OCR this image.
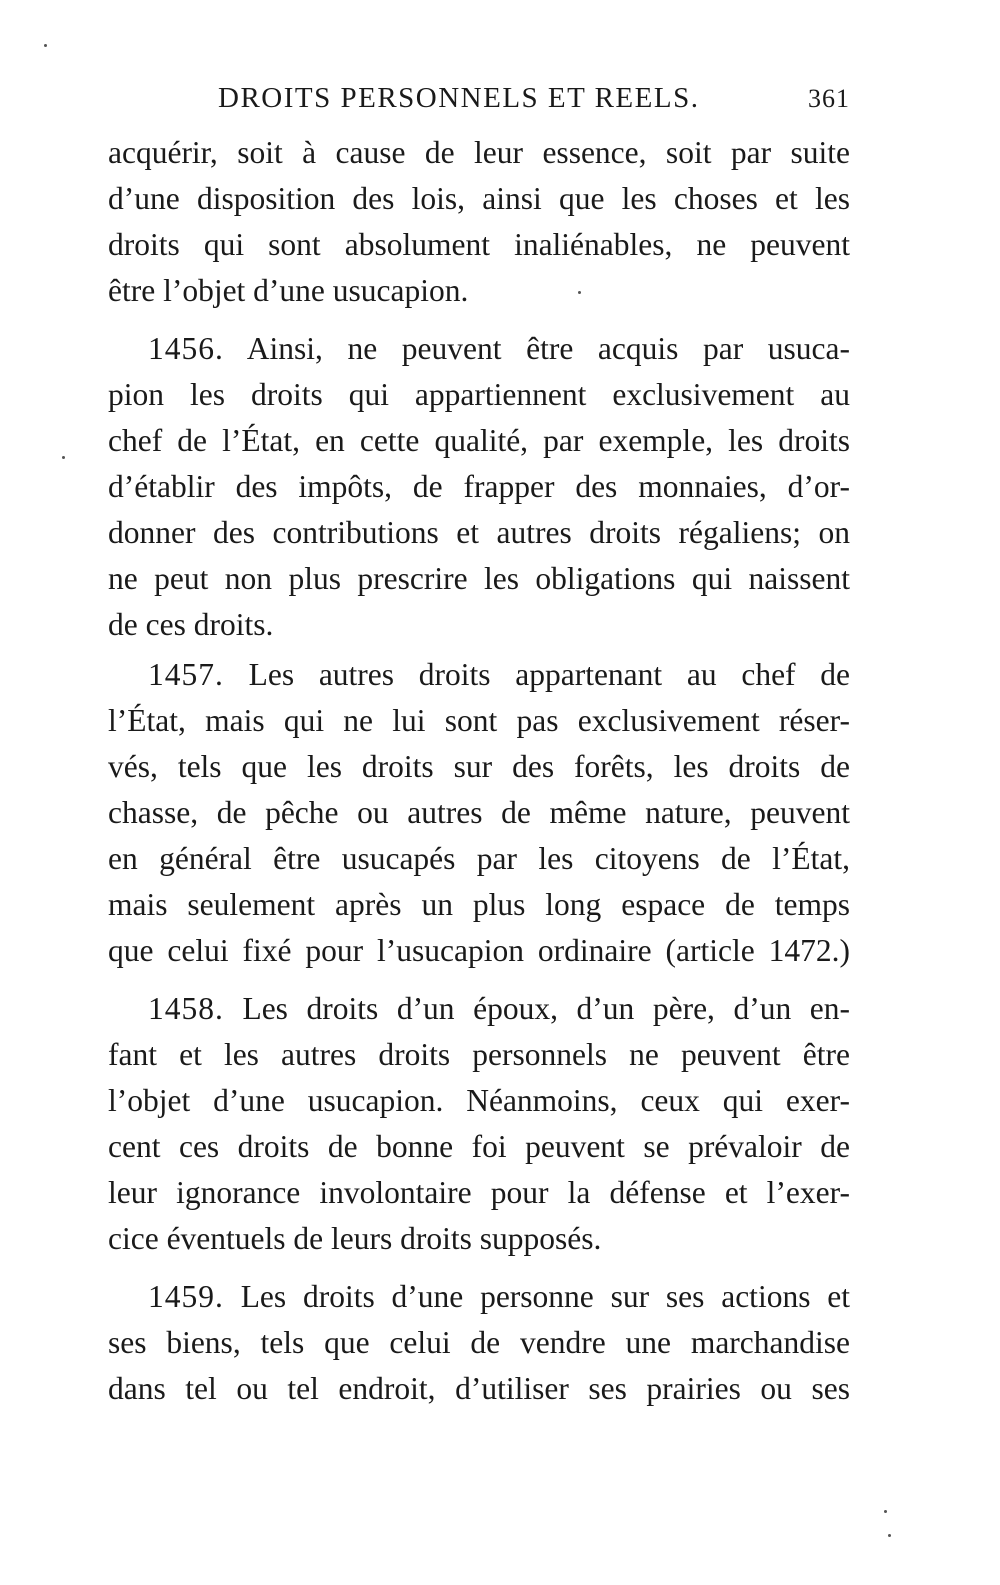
DROITS PERSONNELS ET REELS.	361
acquérir, soit à cause de leur essence, soit par suite
d’une disposition des lois, ainsi que les choses et les
droits qui sont absolument inaliénables, ne peuvent
être l’objet d’une usucapion.
1456. Ainsi, ne peuvent être acquis par usuca-
pion les droits qui appartiennent exclusivement au
chef de l’État, en cette qualité, par exemple, les droits
d’établir des impôts, de frapper des monnaies, d’or-
donner des contributions et autres droits régaliens; on
ne peut non plus prescrire les obligations qui naissent
de ces droits.
1457. Les autres droits appartenant au chef de
l’État, mais qui ne lui sont pas exclusivement réser-
vés, tels que les droits sur des forêts, les droits de
chasse, de pêche ou autres de même nature, peuvent
en général être usucapés par les citoyens de l’État,
mais seulement après un plus long espace de temps
que celui fixé pour l’usucapion ordinaire (article 1472.)
1458. Les droits d’un époux, d’un père, d’un en-
fant et les autres droits personnels ne peuvent être
l’objet d’une usucapion. Néanmoins, ceux qui exer-
cent ces droits de bonne foi peuvent se prévaloir de
leur ignorance involontaire pour la défense et l’exer-
cice éventuels de leurs droits supposés.
1459. Les droits d’une personne sur ses actions et
ses biens, tels que celui de vendre une marchandise
dans tel ou tel endroit, d’utiliser ses prairies ou ses
